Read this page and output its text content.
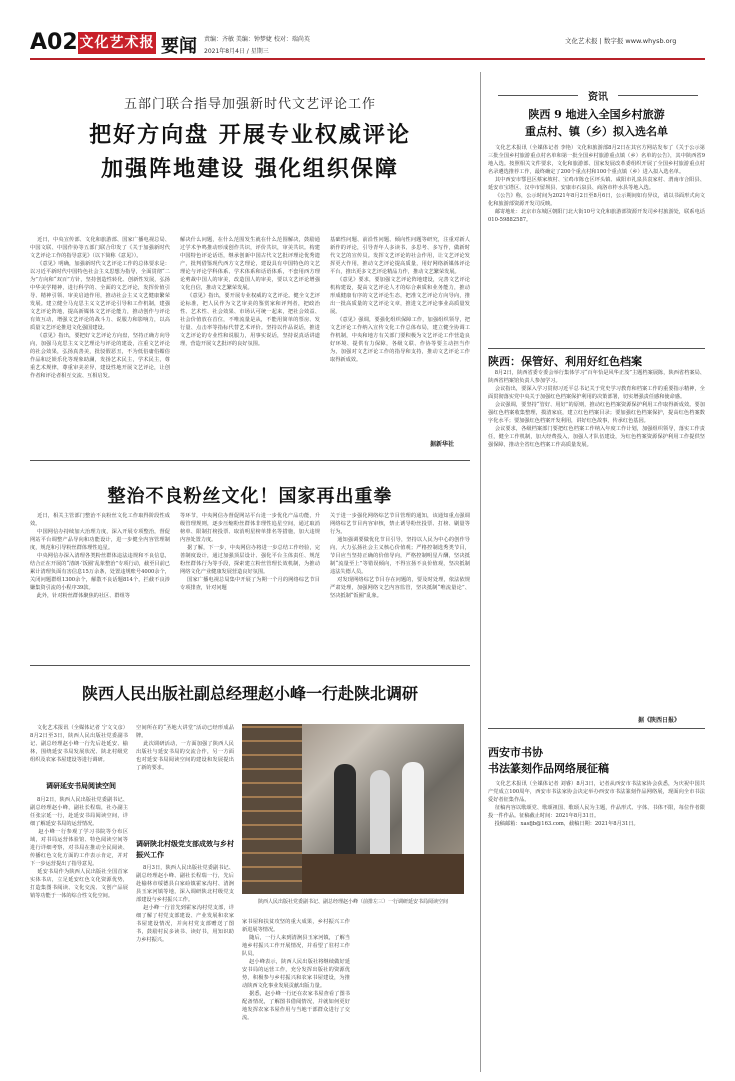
A02 文化艺术报 要闻 责编：齐敏 美编：钟梦婕 校对：瑞尚英
2021年8月4日 / 星期三
文化艺术报 | 数字报 www.whysb.org
五部门联合指导加强新时代文艺评论工作
把好方向盘 开展专业权威评论
加强阵地建设 强化组织保障
近日，中央宣传部、文化和旅游部、国家广播电视总局、中国文联、中国作协等五部门联合印发了《关于加强新时代文艺评论工作的指导意见》（以下简称《意见》）。
《意见》明确，加强新时代文艺评论工作的总体要求是：以习近平新时代中国特色社会主义思想为指导，全面贯彻“二为”方向和“双百”方针，坚持创造性转化、创新性发展，弘扬中华美学精神，进行科学的、全面的文艺评论，发挥价值引导、精神引领、审美启迪作用，推动社会主义文艺健康繁荣发展。建立健全马克思主义文艺评论引导和工作机制，建强文艺评论阵地，提高新媒体文艺评论能力，推动创作与评论有效互动，增强文艺评论的战斗力、说服力和影响力，以高质量文艺评论推进文化强国建设。
《意见》指出，要把好文艺评论方向盘，坚持正确方向导向，加强马克思主义文艺理论与评论的建设，注重文艺评论的社会效果，弘扬真善美，批驳假恶丑，不为低俗庸俗媚俗作品和泛娱乐化等现象助澜，发扬艺术民主，学术民主，尊重艺术规律，尊重审美差异，建设性地开展文艺评论，让创作者和评论者相互交流、互相启发。
解决什么问题，在什么范围发生就在什么范围解决，鼓励通过学术争鸣推动形成创作共识，评价共识，审美共识。构建中国特色评论话语，继承创新中国古代文艺批评理论优秀遗产，批判借鉴现代西方文艺理论，建设具有中国特色的文艺理论与评论学科体系、学术体系和话语体系，不套用西方理论剪裁中国人的审美，改造国人的审美，要以文艺评论增强文化自信，推动文艺繁荣发展。
《意见》指出，要开展专业权威的文艺评论。健全文艺评论标准，把人民作为文艺审美的鉴赏家和评判者，把政治性、艺术性、社会效果、市场认可统一起来，把社会效益、社会价值放在首位，不唯流量是从，不能用简单的票房、发行量、点击率等指标代替艺术评价。坚持以作品说话，推进文艺评论的专业性和说服力，用事实说话，坚持说真话讲道理，营造开展文艺批评的良好氛围。
基础性问题、前沿性问题、倾向性问题等研究，注重对新人新作的评论，引导青年人多读书、多思考、多写作，做新时代文艺的宣传员。发挥文艺评论的社会作用，让文艺评论发挥更大作用，推动文艺评论提高质量，用好网络新媒体评论平台，推出更多文艺评论精品力作，推动文艺繁荣发展。
《意见》要求，要加强文艺评论阵地建设，完善文艺评论机构建设，提高文艺评论人才的综合素质和业务能力，推动形成健康有序的文艺评论生态，把准文艺评论方向导向，推出一批高质量的文艺评论文章，推进文艺评论事业高质量发展。
《意见》强调，要强化组织保障工作，加强组织领导，把文艺评论工作纳入宣传文化工作总体布局，建立健全协调工作机制，中央和地方有关部门要积极为文艺评论工作营造良好环境、提供有力保障，各级文联、作协等要主动担当作为，加强对文艺评论工作的指导和支持，推动文艺评论工作取得新成效。
据新华社
资讯
陕西 9 地进入全国乡村旅游
重点村、镇（乡）拟入选名单
文化艺术报讯（全媒体记者 李艳）文化和旅游部8月2日在其官方网站发布了《关于公示第三批全国乡村旅游重点村名单和第一批全国乡村旅游重点镇（乡）名单的公告》，其中陕西省9地入选。按照相关文件要求，文化和旅游部、国家发展改革委组织开展了全国乡村旅游重点村名录遴选推荐工作，最终确定了200个重点村和100个重点镇（乡）进入拟入选名单。
其中西安市鄠邑区蔡家坡村、宝鸡市陈仓区坪头镇、咸阳市礼泉县袁家村、渭南市合阳县、延安市宝塔区、汉中市留坝县、安康市石泉县、商洛市柞水县等地入选。
《公告》称，公示时间为2021年8月2日至8月6日，公示期间如有异议，请以书面形式向文化和旅游部资源开发司反映。
邮寄地址：北京市东城区朝阳门北大街10号文化和旅游部资源开发司乡村旅游处，联系电话010-59882587。
陕西：保管好、利用好红色档案
8月2日，陕西省委专委会举行集体学习“百年恰是风华正茂”主题档案展陈，陕西省档案局、陕西省档案馆负责人参加学习。
会议指出，要深入学习贯彻习近平总书记关于党史学习教育和档案工作的重要指示精神，全面贯彻落实党中央关于加强红色档案保护利用的决策部署，切实增强责任感和使命感。
会议强调，要坚持“管好、用好”的原则，推动红色档案资源保护利用工作取得新成效。要加强红色档案收集整理，摸清家底，建立红色档案目录；要加强红色档案保护，提高红色档案数字化水平；要加强红色档案开发利用，讲好红色故事，传承红色基因。
会议要求，各级档案部门要把红色档案工作纳入年度工作计划，加强组织领导，落实工作责任，健全工作机制，加大经费投入，加强人才队伍建设，为红色档案资源保护利用工作提供坚强保障，推动全省红色档案工作高质量发展。
据《陕西日报》
西安市书协
书法篆刻作品网络展征稿
文化艺术报讯（全媒体记者 刘睿）8月3日，记者从西安市书法家协会获悉，为庆祝中国共产党成立100周年，西安市书法家协会决定举办西安市书法篆刻作品网络展，现面向全市书法爱好者征集作品。
征稿内容以歌颂党、歌颂祖国、歌颂人民为主题，作品形式、字体、书体不限，每位作者限投一件作品。征稿截止时间：2021年8月31日。
投稿邮箱：xasfjb@163.com，截稿日期：2021年8月31日。
整治不良粉丝文化！国家再出重拳
近日，相关主管部门整治不良粉丝文化工作取得阶段性成效。
中国网信办持续加大治理力度，深入开展专项整治，督促网站平台调整产品导向和功能设计，进一步健全内容管理制度，规范和引导粉丝群体理性追星。
中央网信办深入清理各类粉丝群体违法违规和不良信息，结合正在开展的“清朗·‘饭圈’乱象整治”专项行动，截至目前已累计清理负面有害信息15万余条，处置违规账号4000余个，关闭问题群组1300余个，解散不良话题814个，拦截不良涉嫌集资引流的小程序39款。
此外，针对粉丝群体聚焦的社区、群组等
等环节，中央网信办督促网站平台进一步优化产品功能，升级管理规则，逐步压缩粉丝群体非理性追星空间，通过取消榜单、限制打榜投票、取消明星榜单排名等措施，加大违规内容处置力度。
据了解，下一步，中央网信办将进一步总结工作经验，完善制度设计，通过加强顶层设计、强化平台主体责任、规范粉丝群体行为等手段，探索建立粉丝管理长效机制，为推动网络文化产业健康发展营造良好氛围。
国家广播电视总局集中开展了为期一个月的网络综艺节目专项排查，针对问题
关于进一步强化网络综艺节目管理的通知，该通知重点强调网络综艺节目内容审核，禁止诱导粉丝投票、打榜、刷量等行为。
通知强调要做优化节目引导，坚持以人民为中心的创作导向，大力弘扬社会主义核心价值观；严格控制选秀类节目，节目应当坚持正确的价值导向，严格控制明星片酬，坚决抵制“流量至上”等错误倾向，不得宣扬不良价值观，坚决抵制违法失德人员。
对发现网络综艺节目存在问题的，要及时处理，依法依规严肃处理，加强网络文艺内容监管，坚决抵制“唯流量论”、坚决抵制“饭圈”乱象。
陕西人民出版社副总经理赵小峰一行赴陕北调研
文化艺术报讯（全媒体记者 宁文文彦）8月2日至3日，陕西人民出版社党委副书记、副总经理赵小峰一行先后赴延安、榆林，围绕延安书局发展状况、陕北村级党组织及农家书屋建设等进行调研。
调研延安书局阅读空间
8月2日，陕西人民出版社党委副书记、副总经理赵小峰，副社长程瑞，社办副主任张宗延一行，赴延安书局阅读空间，详细了解延安书局的运营情况。
赵小峰一行参观了学习书院等分布区域，对书局运营体验馆、特色阅读空间等进行详细考察，对书局在推动全民阅读、传播红色文化方面的工作表示肯定，并对下一步运营提出了指导意见。
延安书局作为陕西人民出版社全国首家实体书店，立足延安红色文化资源优势，打造集图书阅读、文化交流、文创产品展销等功能于一体的综合性文化空间。
空间所在的“圣地大讲堂”活动已经形成品牌。
此次调研活动，一方面加强了陕西人民出版社与延安书局的交流合作，另一方面也对延安书局阅读空间的建设和发展提出了新的要求。
调研陕北村级党支部成效与乡村振兴工作
8月3日，陕西人民出版社党委副书记、副总经理赵小峰、副社长程瑞一行，先后赴榆林市绥德县白家硷镇霍家沟村、清涧县玉家河镇等地，深入调研陕北村级党支部建设与乡村振兴工作。
赵小峰一行首先到霍家沟村党支部，详细了解了村党支部建设、产业发展和农家书屋建设情况，并向村党支部赠送了图书，鼓励村民多读书、读好书，用知识助力乡村振兴。
陕西人民出版社党委副书记、副总经理赵小峰（前排左三）一行调研延安书局阅读空间
家书屋和扶贫攻坚的重大成果，乡村振兴工作新进展等情况。
随后，一行人来到清涧县玉家河镇，了解当地乡村振兴工作开展情况，并看望了驻村工作队员。
赵小峰表示，陕西人民出版社将继续做好延安书局的运营工作，充分发挥出版社的资源优势，积极参与乡村振兴和农家书屋建设，为推动陕西文化事业发展贡献出版力量。
据悉，赵小峰一行还在农家书屋查看了图书配备情况，了解图书借阅情况，并就如何更好地发挥农家书屋作用与当地干部群众进行了交流。
